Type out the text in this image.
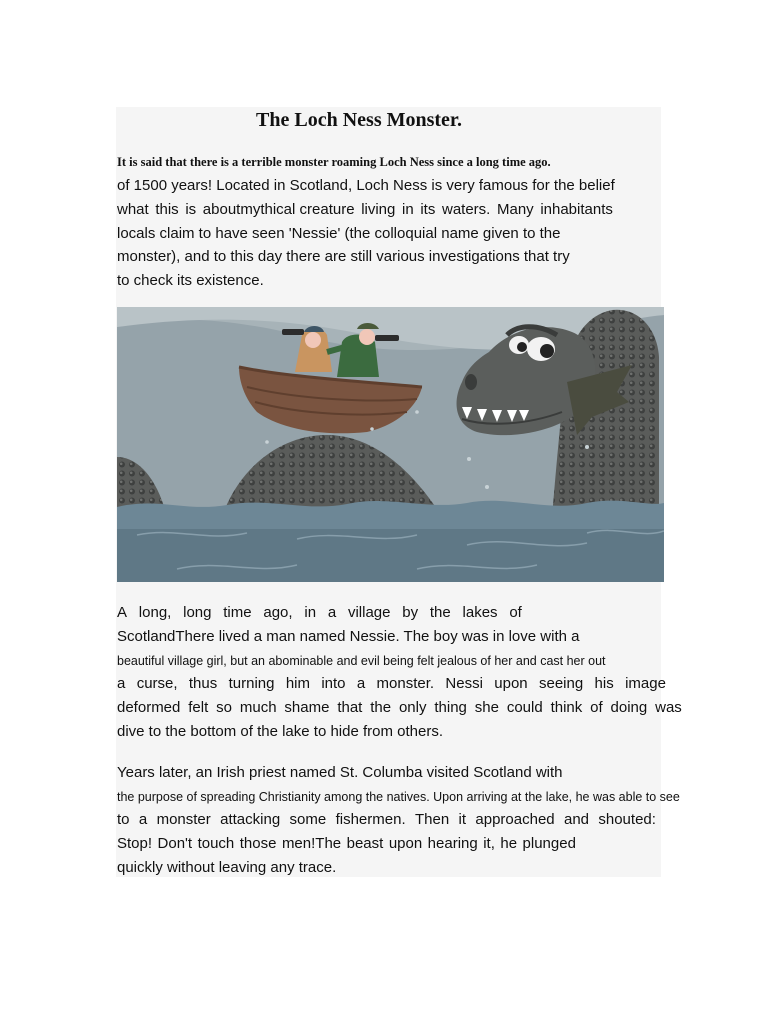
The Loch Ness Monster.
It is said that there is a terrible monster roaming Loch Ness since a long time ago.
of 1500 years! Located in Scotland, Loch Ness is very famous for the belief
what this is aboutmythical creature living in its waters. Many inhabitants
locals claim to have seen 'Nessie' (the colloquial name given to the
monster), and to this day there are still various investigations that try
to check its existence.
A long, long time ago, in a village by the lakes of
ScotlandThere lived a man named Nessie. The boy was in love with a
beautiful village girl, but an abominable and evil being felt jealous of her and cast her out
a curse, thus turning him into a monster. Nessi upon seeing his image
deformed felt so much shame that the only thing she could think of doing was
dive to the bottom of the lake to hide from others.
Years later, an Irish priest named St. Columba visited Scotland with
the purpose of spreading Christianity among the natives. Upon arriving at the lake, he was able to see
to a monster attacking some fishermen. Then it approached and shouted:
Stop! Don't touch those men!The beast upon hearing it, he plunged
quickly without leaving any trace.
